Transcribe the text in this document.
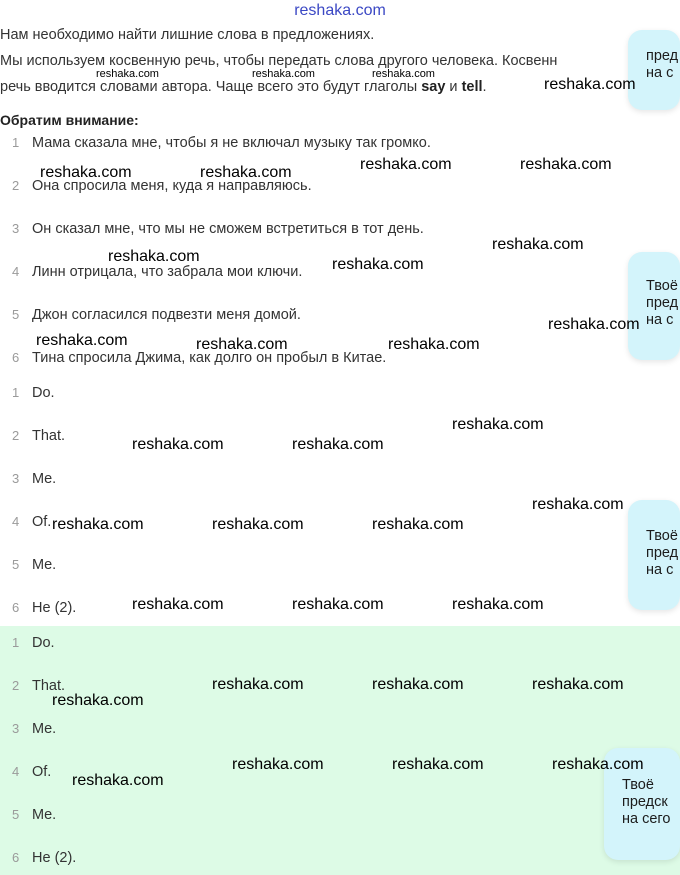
reshaka.com
Нам необходимо найти лишние слова в предложениях.
Мы используем косвенную речь, чтобы передать слова другого человека. Косвенн
речь вводится словами автора. Чаще всего это будут глаголы say и tell.
Обратим внимание:
1 Мама сказала мне, чтобы я не включал музыку так громко.
2 Она спросила меня, куда я направляюсь.
3 Он сказал мне, что мы не сможем встретиться в тот день.
4 Линн отрицала, что забрала мои ключи.
5 Джон согласился подвезти меня домой.
6 Тина спросила Джима, как долго он пробыл в Китае.
1 Do.
2 That.
3 Me.
4 Of.
5 Me.
6 He (2).
1 Do.
2 That.
3 Me.
4 Of.
5 Me.
6 He (2).
пред
на с
Твоё
пред
на с
Твоё
пред
на с
Твоё
предск
на сего
reshaka.com	reshaka.com	reshaka.com
reshaka.com
reshaka.com	reshaka.com	reshaka.com	reshaka.com
reshaka.com
reshaka.com	reshaka.com
reshaka.com
reshaka.com	reshaka.com	reshaka.com
reshaka.com
reshaka.com	reshaka.com
reshaka.com
reshaka.com	reshaka.com	reshaka.com
reshaka.com	reshaka.com	reshaka.com
reshaka.com	reshaka.com	reshaka.com
reshaka.com
reshaka.com	reshaka.com	reshaka.com
reshaka.com
